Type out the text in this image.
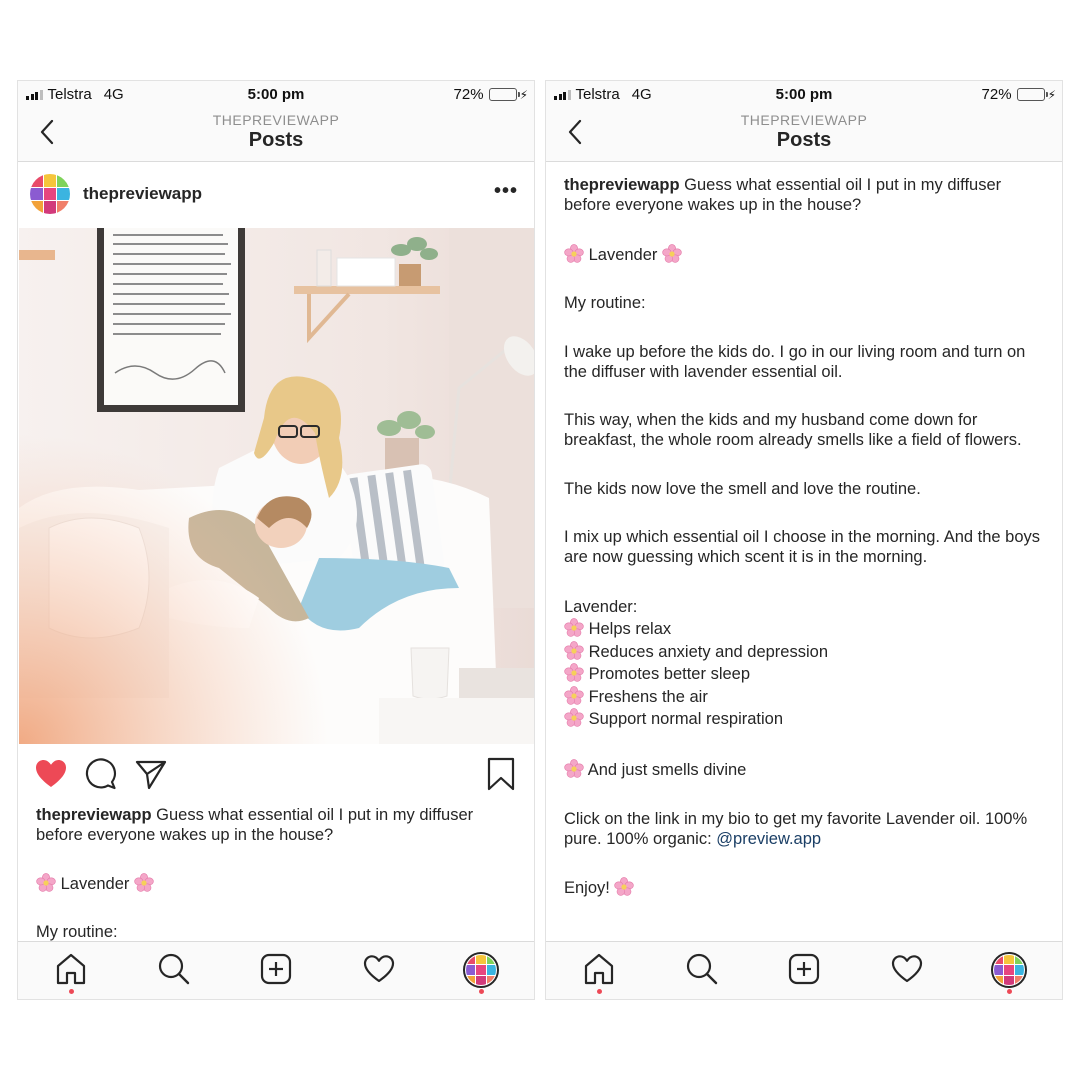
Telstra 4G	5:00 pm	72%	⚡
THEPREVIEWAPP
Posts
thepreviewapp	•••

thepreviewapp Guess what essential oil I put in my diffuser before everyone wakes up in the house?

Lavender

My routine:

Telstra 4G	5:00 pm	72%	⚡
THEPREVIEWAPP
Posts

thepreviewapp Guess what essential oil I put in my diffuser before everyone wakes up in the house?

Lavender

My routine:

I wake up before the kids do. I go in our living room and turn on the diffuser with lavender essential oil.

This way, when the kids and my husband come down for breakfast, the whole room already smells like a field of flowers.

The kids now love the smell and love the routine.

I mix up which essential oil I choose in the morning. And the boys are now guessing which scent it is in the morning.

Lavender:
Helps relax
Reduces anxiety and depression
Promotes better sleep
Freshens the air
Support normal respiration

And just smells divine

Click on the link in my bio to get my favorite Lavender oil. 100% pure. 100% organic: @preview.app

Enjoy!
